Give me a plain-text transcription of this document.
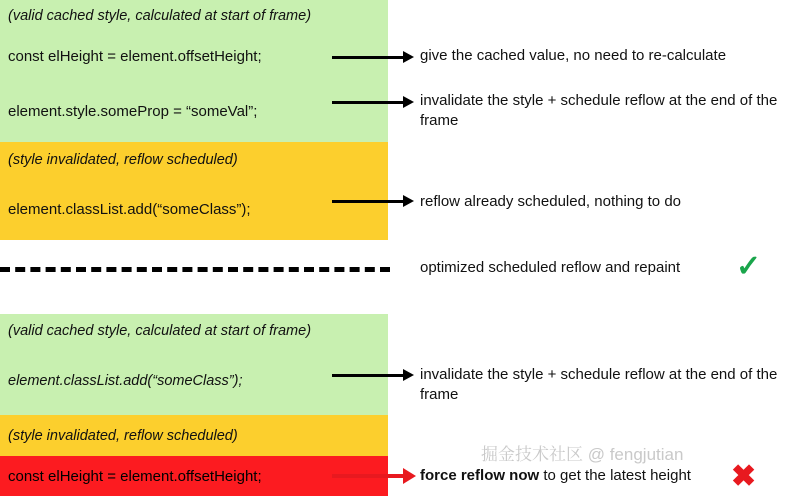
(valid cached style, calculated at start of frame)
const elHeight = element.offsetHeight;
element.style.someProp = “someVal”;
(style invalidated, reflow scheduled)
element.classList.add(“someClass”);
give the cached value, no need to re-calculate
invalidate the style + schedule reflow at the end of the frame
reflow already scheduled, nothing to do
optimized scheduled reflow and repaint	✓
(valid cached style, calculated at start of frame)
element.classList.add(“someClass”);
(style invalidated, reflow scheduled)
const elHeight = element.offsetHeight;
invalidate the style + schedule reflow at the end of the frame
force reflow now to get the latest height	✖
掘金技术社区 @ fengjutian
